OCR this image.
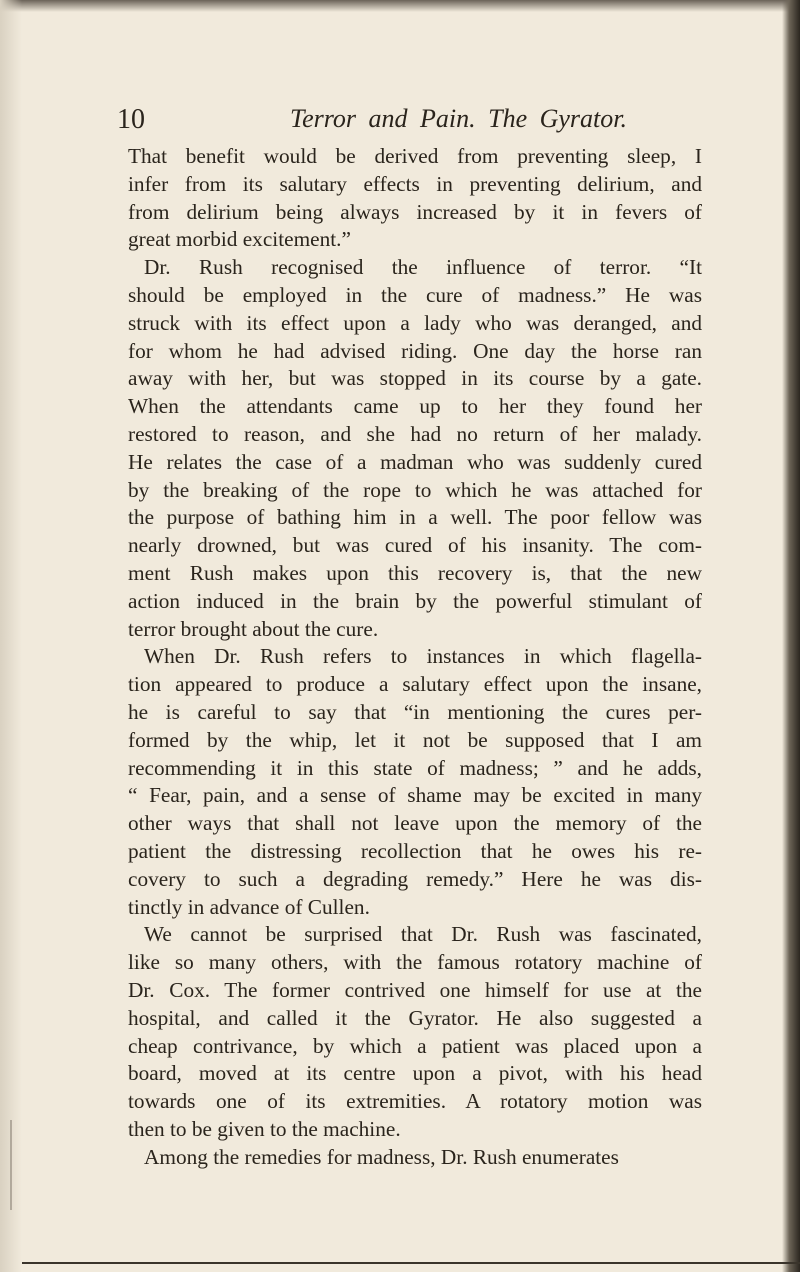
10	Terror and Pain. The Gyrator.
That benefit would be derived from preventing sleep, I
infer from its salutary effects in preventing delirium, and
from delirium being always increased by it in fevers of
great morbid excitement.”
Dr. Rush recognised the influence of terror. “It
should be employed in the cure of madness.” He was
struck with its effect upon a lady who was deranged, and
for whom he had advised riding. One day the horse ran
away with her, but was stopped in its course by a gate.
When the attendants came up to her they found her
restored to reason, and she had no return of her malady.
He relates the case of a madman who was suddenly cured
by the breaking of the rope to which he was attached for
the purpose of bathing him in a well. The poor fellow was
nearly drowned, but was cured of his insanity. The com-
ment Rush makes upon this recovery is, that the new
action induced in the brain by the powerful stimulant of
terror brought about the cure.
When Dr. Rush refers to instances in which flagella-
tion appeared to produce a salutary effect upon the insane,
he is careful to say that “in mentioning the cures per-
formed by the whip, let it not be supposed that I am
recommending it in this state of madness; ” and he adds,
“ Fear, pain, and a sense of shame may be excited in many
other ways that shall not leave upon the memory of the
patient the distressing recollection that he owes his re-
covery to such a degrading remedy.” Here he was dis-
tinctly in advance of Cullen.
We cannot be surprised that Dr. Rush was fascinated,
like so many others, with the famous rotatory machine of
Dr. Cox. The former contrived one himself for use at the
hospital, and called it the Gyrator. He also suggested a
cheap contrivance, by which a patient was placed upon a
board, moved at its centre upon a pivot, with his head
towards one of its extremities. A rotatory motion was
then to be given to the machine.
Among the remedies for madness, Dr. Rush enumerates
